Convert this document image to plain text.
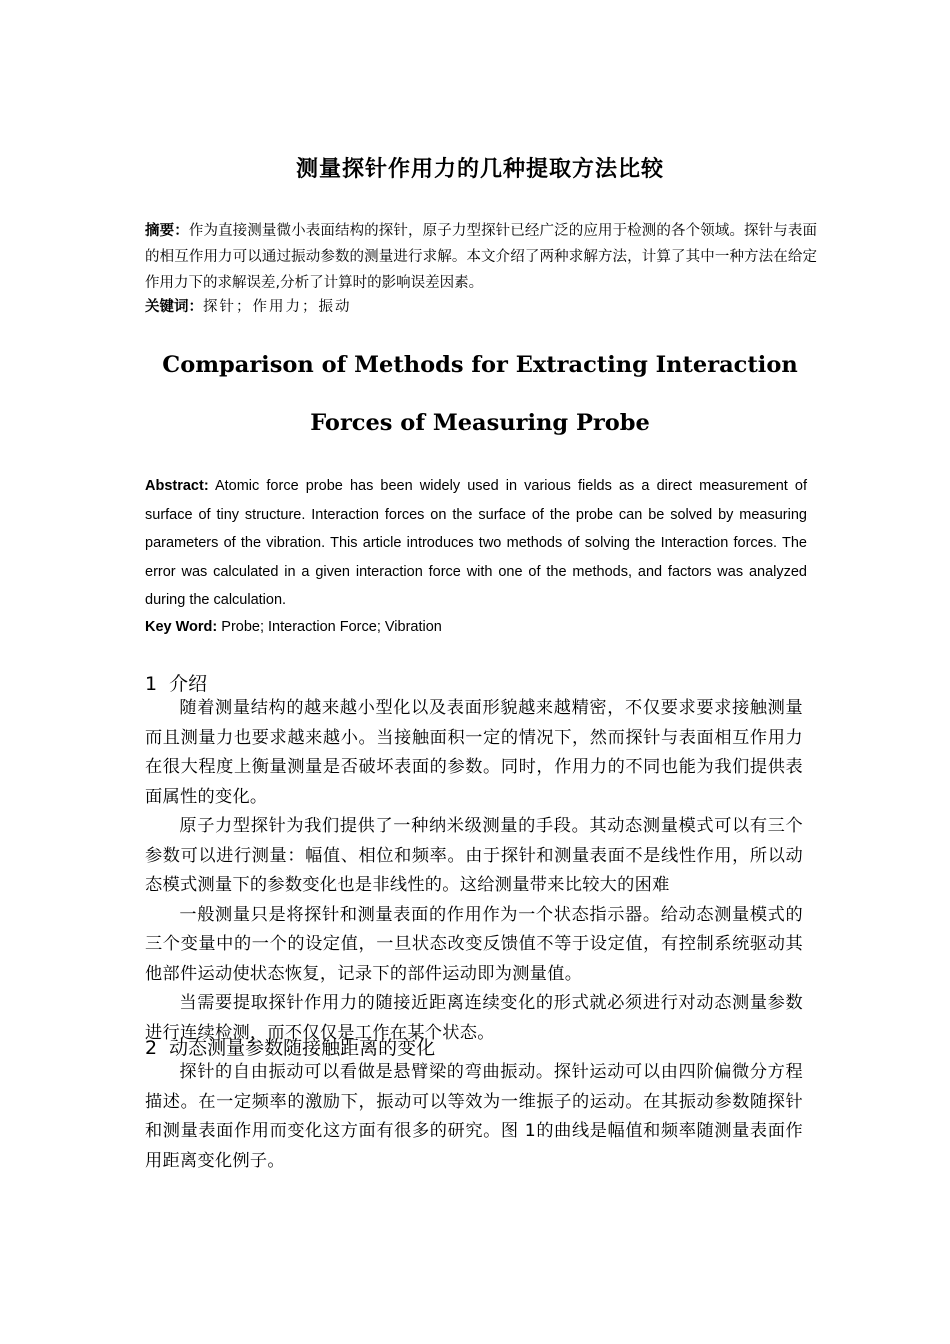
测量探针作用力的几种提取方法比较
摘要：作为直接测量微小表面结构的探针，原子力型探针已经广泛的应用于检测的各个领域。探针与表面的相互作用力可以通过振动参数的测量进行求解。本文介绍了两种求解方法，计算了其中一种方法在给定作用力下的求解误差,分析了计算时的影响误差因素。
关键词：探针；作用力；振动
Comparison of Methods for Extracting Interaction
Forces of Measuring Probe
Abstract: Atomic force probe has been widely used in various fields as a direct measurement of surface of tiny structure. Interaction forces on the surface of the probe can be solved by measuring parameters of the vibration. This article introduces two methods of solving the Interaction forces. The error was calculated in a given interaction force with one of the methods, and factors was analyzed during the calculation.
Key Word: Probe; Interaction Force; Vibration
1 介绍

随着测量结构的越来越小型化以及表面形貌越来越精密，不仅要求要求接触测量而且测量力也要求越来越小。当接触面积一定的情况下，然而探针与表面相互作用力在很大程度上衡量测量是否破坏表面的参数。同时，作用力的不同也能为我们提供表面属性的变化。

原子力型探针为我们提供了一种纳米级测量的手段。其动态测量模式可以有三个参数可以进行测量：幅值、相位和频率。由于探针和测量表面不是线性作用，所以动态模式测量下的参数变化也是非线性的。这给测量带来比较大的困难

一般测量只是将探针和测量表面的作用作为一个状态指示器。给动态测量模式的三个变量中的一个的设定值，一旦状态改变反馈值不等于设定值，有控制系统驱动其他部件运动使状态恢复，记录下的部件运动即为测量值。

当需要提取探针作用力的随接近距离连续变化的形式就必须进行对动态测量参数进行连续检测，而不仅仅是工作在某个状态。

2 动态测量参数随接触距离的变化

探针的自由振动可以看做是悬臂梁的弯曲振动。探针运动可以由四阶偏微分方程描述。在一定频率的激励下，振动可以等效为一维振子的运动。在其振动参数随探针和测量表面作用而变化这方面有很多的研究。图 1的曲线是幅值和频率随测量表面作用距离变化例子。
